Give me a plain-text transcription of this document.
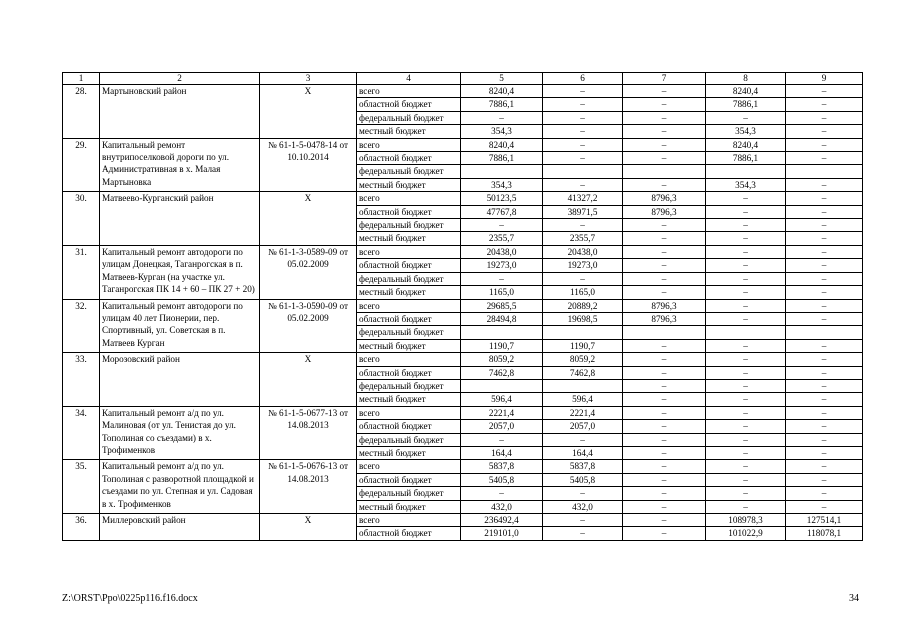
1	2	3	4	5	6	7	8	9
28.	Мартыновский район	Х	всего	8240,4	–	–	8240,4	–
			областной бюджет	7886,1	–	–	7886,1	–
			федеральный бюджет	–	–	–	–	–
			местный бюджет	354,3	–	–	354,3	–
29.	Капитальный ремонт внутрипоселковой дороги по ул. Административная в х. Малая Мартыновка	№ 61-1-5-0478-14 от 10.10.2014	всего	8240,4	–	–	8240,4	–
			областной бюджет	7886,1	–	–	7886,1	–
			федеральный бюджет					
			местный бюджет	354,3	–	–	354,3	–
30.	Матвеево-Курганский район	Х	всего	50123,5	41327,2	8796,3	–	–
			областной бюджет	47767,8	38971,5	8796,3	–	–
			федеральный бюджет	–	–	–	–	–
			местный бюджет	2355,7	2355,7	–	–	–
31.	Капитальный ремонт автодороги по улицам Донецкая, Таганрогская в п. Матвеев-Курган (на участке ул. Таганрогская ПК 14 + 60 – ПК 27 + 20)	№ 61-1-3-0589-09 от 05.02.2009	всего	20438,0	20438,0	–	–	–
			областной бюджет	19273,0	19273,0	–	–	–
			федеральный бюджет	–	–	–	–	–
			местный бюджет	1165,0	1165,0	–	–	–
32.	Капитальный ремонт автодороги по улицам 40 лет Пионерии, пер. Спортивный, ул. Советская в п. Матвеев Курган	№ 61-1-3-0590-09 от 05.02.2009	всего	29685,5	20889,2	8796,3	–	–
			областной бюджет	28494,8	19698,5	8796,3	–	–
			федеральный бюджет					
			местный бюджет	1190,7	1190,7	–	–	–
33.	Морозовский район	Х	всего	8059,2	8059,2	–	–	–
			областной бюджет	7462,8	7462,8	–	–	–
			федеральный бюджет			–	–	–
			местный бюджет	596,4	596,4	–	–	–
34.	Капитальный ремонт а/д по ул. Малиновая (от ул. Тенистая до ул. Тополиная со съездами) в х. Трофименков	№ 61-1-5-0677-13 от 14.08.2013	всего	2221,4	2221,4	–	–	–
			областной бюджет	2057,0	2057,0	–	–	–
			федеральный бюджет	–	–	–	–	–
			местный бюджет	164,4	164,4	–	–	–
35.	Капитальный ремонт а/д по ул. Тополиная с разворотной площадкой и съездами по ул. Степная и ул. Садовая в х. Трофименков	№ 61-1-5-0676-13 от 14.08.2013	всего	5837,8	5837,8	–	–	–
			областной бюджет	5405,8	5405,8	–	–	–
			федеральный бюджет	–	–	–	–	–
			местный бюджет	432,0	432,0	–	–	–
36.	Миллеровский район	Х	всего	236492,4	–	–	108978,3	127514,1
			областной бюджет	219101,0	–	–	101022,9	118078,1
Z:\ORST\Ppo\0225p116.f16.docx	34
